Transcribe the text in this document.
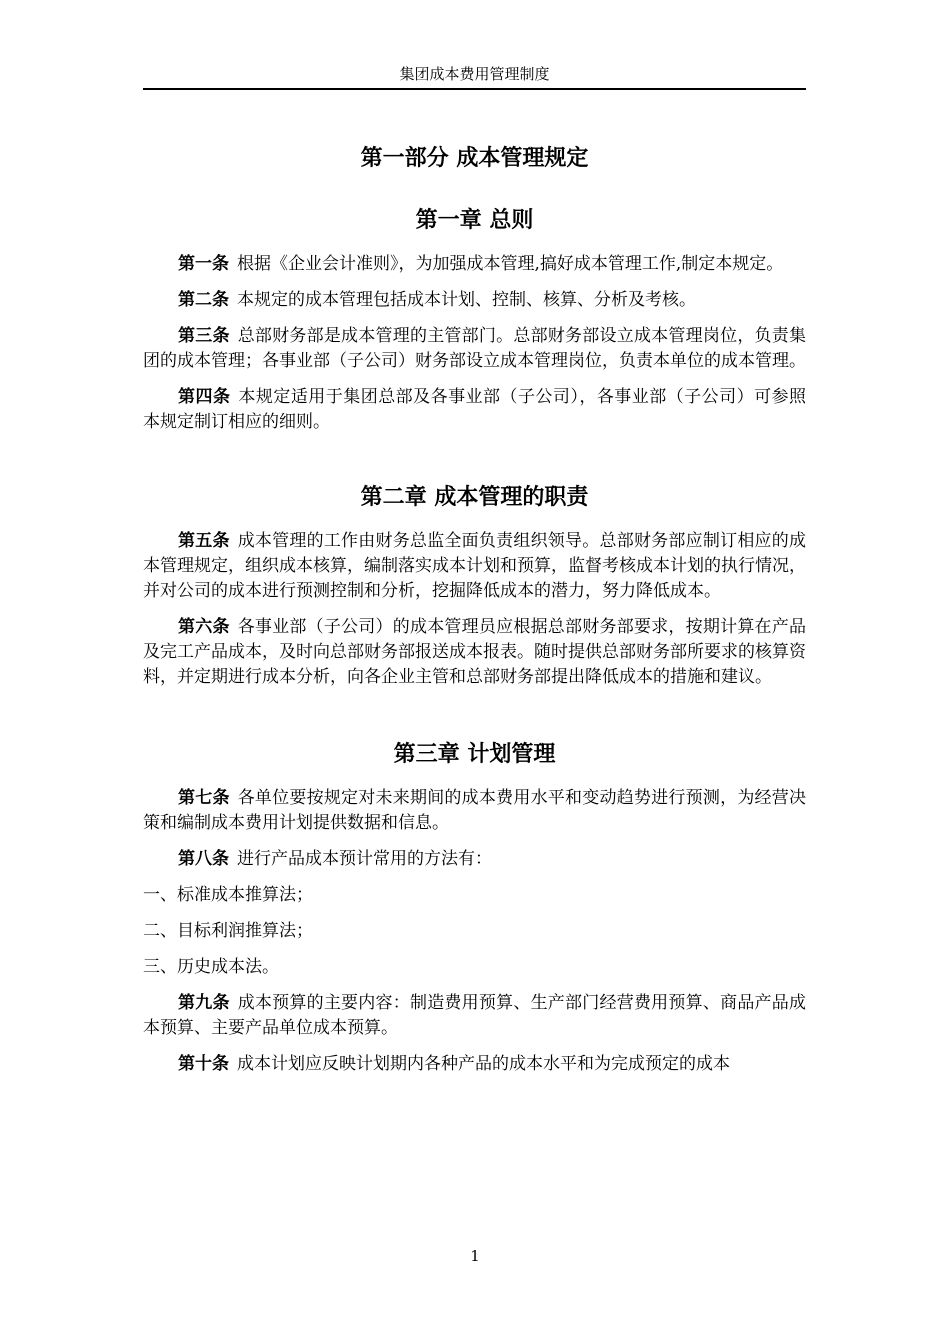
集团成本费用管理制度
第一部分 成本管理规定
第一章 总则

第一条 根据《企业会计准则》，为加强成本管理,搞好成本管理工作,制定本规定。

第二条 本规定的成本管理包括成本计划、控制、核算、分析及考核。

第三条 总部财务部是成本管理的主管部门。总部财务部设立成本管理岗位，负责集团的成本管理；各事业部（子公司）财务部设立成本管理岗位，负责本单位的成本管理。

第四条 本规定适用于集团总部及各事业部（子公司），各事业部（子公司）可参照本规定制订相应的细则。

第二章 成本管理的职责

第五条 成本管理的工作由财务总监全面负责组织领导。总部财务部应制订相应的成本管理规定，组织成本核算，编制落实成本计划和预算，监督考核成本计划的执行情况，并对公司的成本进行预测控制和分析，挖掘降低成本的潜力，努力降低成本。

第六条 各事业部（子公司）的成本管理员应根据总部财务部要求，按期计算在产品及完工产品成本，及时向总部财务部报送成本报表。随时提供总部财务部所要求的核算资料，并定期进行成本分析，向各企业主管和总部财务部提出降低成本的措施和建议。

第三章 计划管理

第七条 各单位要按规定对未来期间的成本费用水平和变动趋势进行预测，为经营决策和编制成本费用计划提供数据和信息。

第八条 进行产品成本预计常用的方法有：

一、标准成本推算法；

二、目标利润推算法；

三、历史成本法。

第九条 成本预算的主要内容：制造费用预算、生产部门经营费用预算、商品产品成本预算、主要产品单位成本预算。

第十条 成本计划应反映计划期内各种产品的成本水平和为完成预定的成本

1
